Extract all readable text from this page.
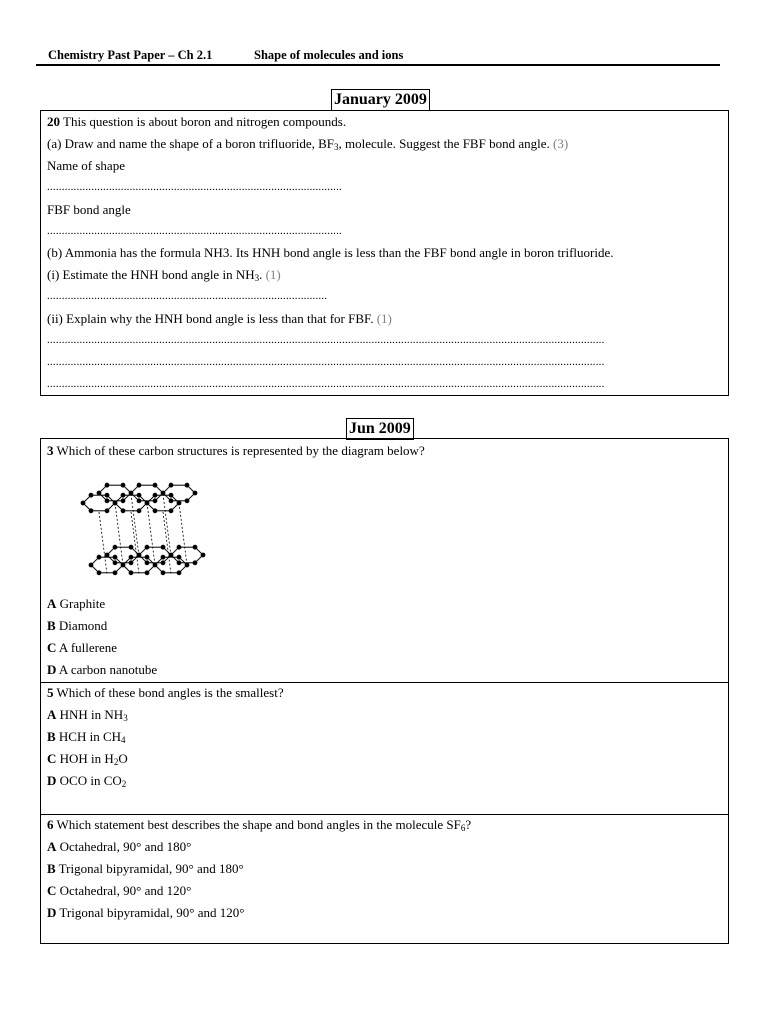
Chemistry Past Paper – Ch 2.1	Shape of molecules and ions
January 2009
20 This question is about boron and nitrogen compounds.
(a) Draw and name the shape of a boron trifluoride, $BF_3$, molecule. Suggest the FBF bond angle. (3)
Name of shape
....................................................................................................
FBF bond angle
....................................................................................................
(b) Ammonia has the formula NH3. Its HNH bond angle is less than the FBF bond angle in boron trifluoride.
(i) Estimate the HNH bond angle in $NH_3$. (1)
...............................................................................................
(ii) Explain why the HNH bond angle is less than that for FBF. (1)
.............................................................................................................................................................................................
.............................................................................................................................................................................................
.............................................................................................................................................................................................
Jun 2009
3 Which of these carbon structures is represented by the diagram below?
A Graphite
B Diamond
C A fullerene
D A carbon nanotube
5 Which of these bond angles is the smallest?
A HNH in $NH_3$
B HCH in $CH_4$
C HOH in $H_2O$
D OCO in $CO_2$
6 Which statement best describes the shape and bond angles in the molecule $SF_6$?
A Octahedral, 90° and 180°
B Trigonal bipyramidal, 90° and 180°
C Octahedral, 90° and 120°
D Trigonal bipyramidal, 90° and 120°
